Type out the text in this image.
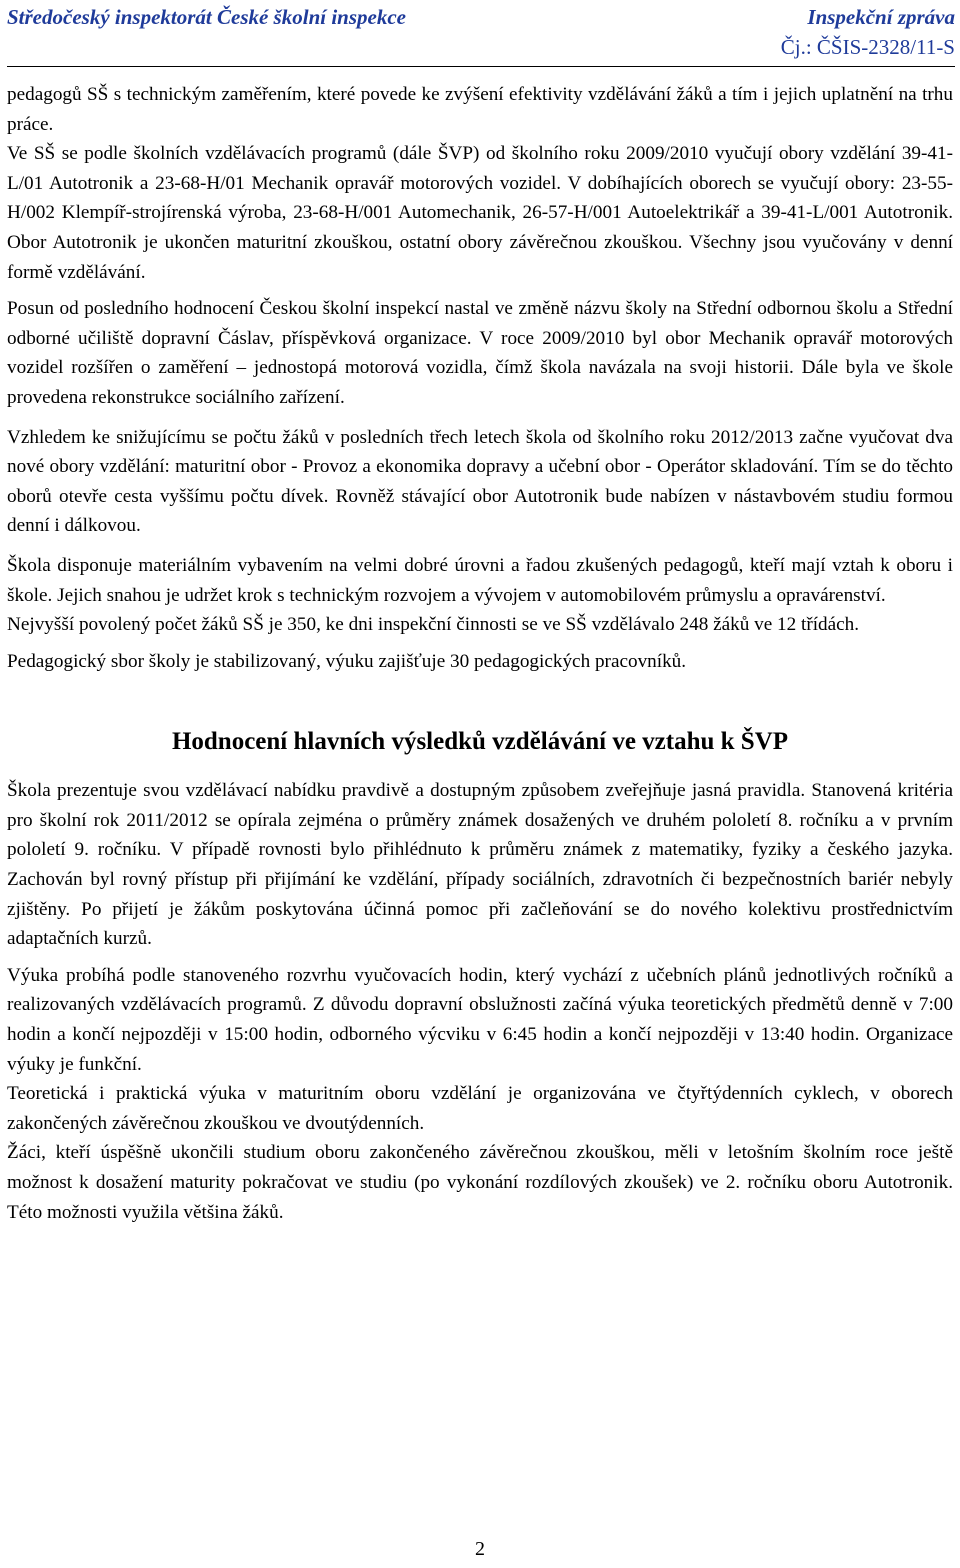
Středočeský inspektorát České školní inspekce	Inspekční zpráva
Čj.: ČŠIS-2328/11-S

pedagogů SŠ s technickým zaměřením, které povede ke zvýšení efektivity vzdělávání žáků a tím i jejich uplatnění na trhu práce.

Ve SŠ se podle školních vzdělávacích programů (dále ŠVP) od školního roku 2009/2010 vyučují obory vzdělání 39-41-L/01 Autotronik a 23-68-H/01 Mechanik opravář motorových vozidel. V dobíhajících oborech se vyučují obory: 23-55-H/002 Klempíř-strojírenská výroba, 23-68-H/001 Automechanik, 26-57-H/001 Autoelektrikář a 39-41-L/001 Autotronik. Obor Autotronik je ukončen maturitní zkouškou, ostatní obory závěrečnou zkouškou. Všechny jsou vyučovány v denní formě vzdělávání.

Posun od posledního hodnocení Českou školní inspekcí nastal ve změně názvu školy na Střední odbornou školu a Střední odborné učiliště dopravní Čáslav, příspěvková organizace. V roce 2009/2010 byl obor Mechanik opravář motorových vozidel rozšířen o zaměření – jednostopá motorová vozidla, čímž škola navázala na svoji historii. Dále byla ve škole provedena rekonstrukce sociálního zařízení.

Vzhledem ke snižujícímu se počtu žáků v posledních třech letech škola od školního roku 2012/2013 začne vyučovat dva nové obory vzdělání: maturitní obor - Provoz a ekonomika dopravy a učební obor - Operátor skladování. Tím se do těchto oborů otevře cesta vyššímu počtu dívek. Rovněž stávající obor Autotronik bude nabízen v nástavbovém studiu formou denní i dálkovou.

Škola disponuje materiálním vybavením na velmi dobré úrovni a řadou zkušených pedagogů, kteří mají vztah k oboru i škole. Jejich snahou je udržet krok s technickým rozvojem a vývojem v automobilovém průmyslu a opravárenství.

Nejvyšší povolený počet žáků SŠ je 350, ke dni inspekční činnosti se ve SŠ vzdělávalo 248 žáků ve 12 třídách.

Pedagogický sbor školy je stabilizovaný, výuku zajišťuje 30 pedagogických pracovníků.

Hodnocení hlavních výsledků vzdělávání ve vztahu k ŠVP

Škola prezentuje svou vzdělávací nabídku pravdivě a dostupným způsobem zveřejňuje jasná pravidla. Stanovená kritéria pro školní rok 2011/2012 se opírala zejména o průměry známek dosažených ve druhém pololetí 8. ročníku a v prvním pololetí 9. ročníku. V případě rovnosti bylo přihlédnuto k průměru známek z matematiky, fyziky a českého jazyka. Zachován byl rovný přístup při přijímání ke vzdělání, případy sociálních, zdravotních či bezpečnostních bariér nebyly zjištěny. Po přijetí je žákům poskytována účinná pomoc při začleňování se do nového kolektivu prostřednictvím adaptačních kurzů.

Výuka probíhá podle stanoveného rozvrhu vyučovacích hodin, který vychází z učebních plánů jednotlivých ročníků a realizovaných vzdělávacích programů. Z důvodu dopravní obslužnosti začíná výuka teoretických předmětů denně v 7:00 hodin a končí nejpozději v 15:00 hodin, odborného výcviku v 6:45 hodin a končí nejpozději v 13:40 hodin. Organizace výuky je funkční.

Teoretická i praktická výuka v maturitním oboru vzdělání je organizována ve čtyřtýdenních cyklech, v oborech zakončených závěrečnou zkouškou ve dvoutýdenních.

Žáci, kteří úspěšně ukončili studium oboru zakončeného závěrečnou zkouškou, měli v letošním školním roce ještě možnost k dosažení maturity pokračovat ve studiu (po vykonání rozdílových zkoušek) ve 2. ročníku oboru Autotronik. Této možnosti využila většina žáků.

2
